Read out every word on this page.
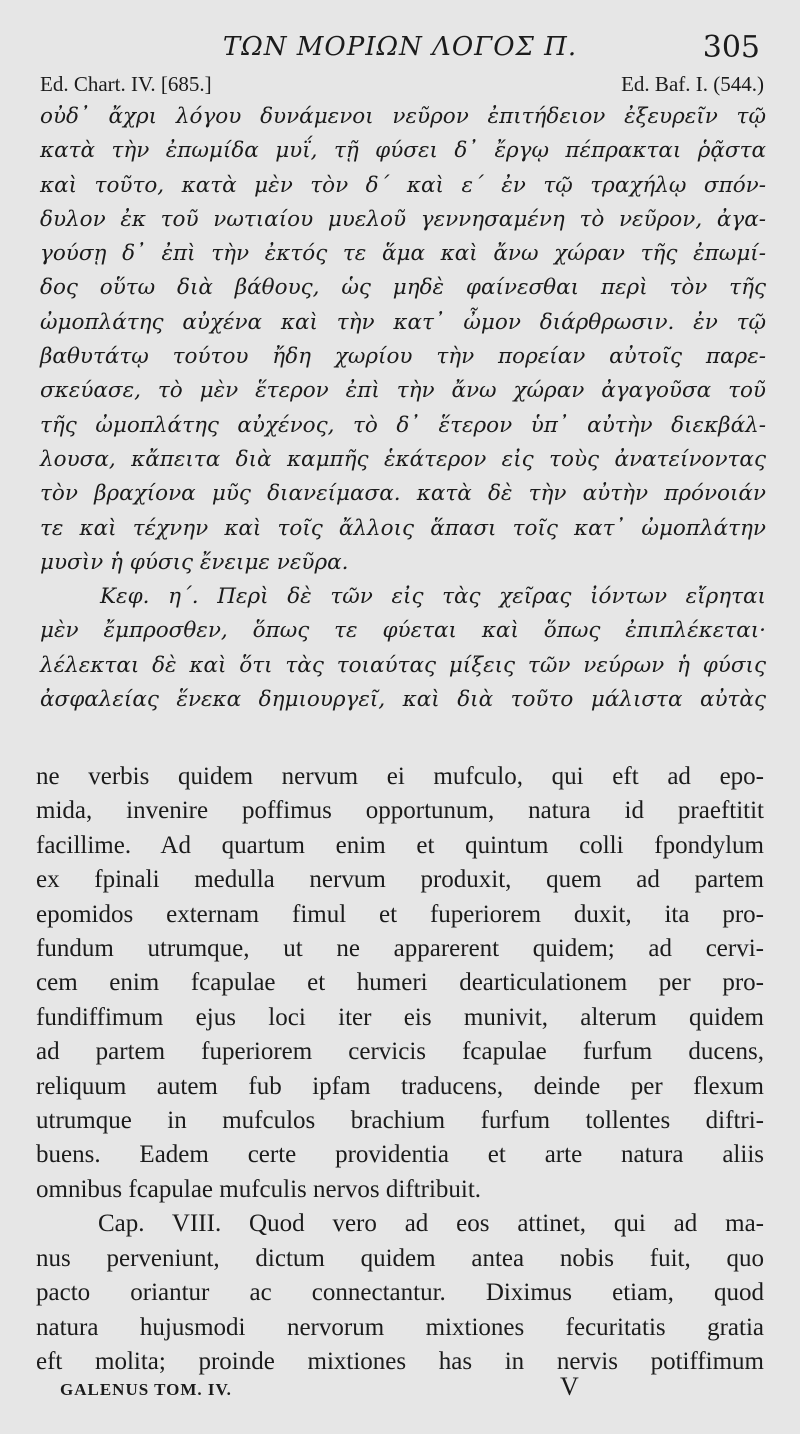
ΤΩΝ ΜΟΡΙΩΝ ΛΟΓΟΣ Π.	305
Ed. Chart. IV. [685.]	Ed. Baf. I. (544.)
οὐδ᾽ ἄχρι λόγου δυνάμενοι νεῦρον ἐπιτήδειον ἐξευρεῖν τῷ
κατὰ τὴν ἐπωμίδα μυΐ, τῇ φύσει δ᾽ ἔργῳ πέπρακται ῥᾷστα
καὶ τοῦτο, κατὰ μὲν τὸν δ´ καὶ ε´ ἐν τῷ τραχήλῳ σπόν-
δυλον ἐκ τοῦ νωτιαίου μυελοῦ γεννησαμένη τὸ νεῦρον, ἀγα-
γούσῃ δ᾽ ἐπὶ τὴν ἐκτός τε ἅμα καὶ ἄνω χώραν τῆς ἐπωμί-
δος οὕτω διὰ βάθους, ὡς μηδὲ φαίνεσθαι περὶ τὸν τῆς
ὠμοπλάτης αὐχένα καὶ τὴν κατ᾽ ὦμον διάρθρωσιν. ἐν τῷ
βαθυτάτῳ τούτου ἤδη χωρίου τὴν πορείαν αὐτοῖς παρε-
σκεύασε, τὸ μὲν ἕτερον ἐπὶ τὴν ἄνω χώραν ἀγαγοῦσα τοῦ
τῆς ὠμοπλάτης αὐχένος, τὸ δ᾽ ἕτερον ὑπ᾽ αὐτὴν διεκβάλ-
λουσα, κἄπειτα διὰ καμπῆς ἑκάτερον εἰς τοὺς ἀνατείνοντας
τὸν βραχίονα μῦς διανείμασα. κατὰ δὲ τὴν αὐτὴν πρόνοιάν
τε καὶ τέχνην καὶ τοῖς ἄλλοις ἅπασι τοῖς κατ᾽ ὠμοπλάτην
μυσὶν ἡ φύσις ἔνειμε νεῦρα.
Κεφ. η´. Περὶ δὲ τῶν εἰς τὰς χεῖρας ἰόντων εἴρηται
μὲν ἔμπροσθεν, ὅπως τε φύεται καὶ ὅπως ἐπιπλέκεται·
λέλεκται δὲ καὶ ὅτι τὰς τοιαύτας μίξεις τῶν νεύρων ἡ φύσις
ἀσφαλείας ἕνεκα δημιουργεῖ, καὶ διὰ τοῦτο μάλιστα αὐτὰς
ne verbis quidem nervum ei mufculo, qui eft ad epo-
mida, invenire poffimus opportunum, natura id praeftitit
facillime. Ad quartum enim et quintum colli fpondylum
ex fpinali medulla nervum produxit, quem ad partem
epomidos externam fimul et fuperiorem duxit, ita pro-
fundum utrumque, ut ne apparerent quidem; ad cervi-
cem enim fcapulae et humeri dearticulationem per pro-
fundiffimum ejus loci iter eis munivit, alterum quidem
ad partem fuperiorem cervicis fcapulae furfum ducens,
reliquum autem fub ipfam traducens, deinde per flexum
utrumque in mufculos brachium furfum tollentes diftri-
buens. Eadem certe providentia et arte natura aliis
omnibus fcapulae mufculis nervos diftribuit.
Cap. VIII. Quod vero ad eos attinet, qui ad ma-
nus perveniunt, dictum quidem antea nobis fuit, quo
pacto oriantur ac connectantur. Diximus etiam, quod
natura hujusmodi nervorum mixtiones fecuritatis gratia
eft molita; proinde mixtiones has in nervis potiffimum
GALENUS TOM. IV.	V
